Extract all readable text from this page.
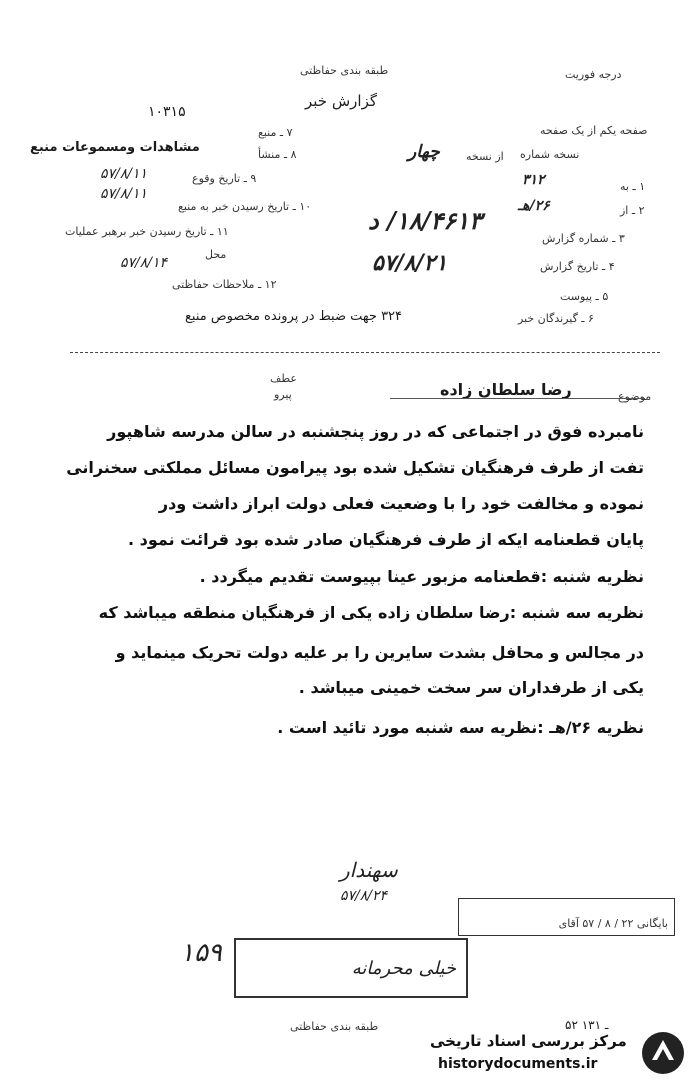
درجه فوریت
طبقه بندی حفاظتی
گزارش خبر
۱۰۳۱۵
۷ ـ منبع
مشاهدات ومسموعات منبع	۸ ـ منشأ
۹ ـ تاریخ وقوع
۵۷/۸/۱۱
۵۷/۸/۱۱
۱۰ ـ تاریخ رسیدن خبر به منبع
۱۱ ـ تاریخ رسیدن خبر برهبر عملیات
محل
۵۷/۸/۱۴
۱۲ ـ ملاحظات حفاظتی
صفحه یکم از یک صفحه
نسخه شماره
چهار از نسخه
۱ ـ به
۳۱۲
۲ ـ از
۲۶/هـ
۳ ـ شماره گزارش
۱۸/۴۶۱۳/ د
۴ ـ تاریخ گزارش
۵۷/۸/۲۱
۵ ـ پیوست
۶ ـ گیرندگان خبر
۳۲۴ جهت ضبط در پرونده مخصوص منبع
عطف
پیرو	موضوع
رضا سلطان زاده
نامبرده فوق در اجتماعی که در روز پنجشنبه در سالن مدرسه شاهپور
تفت از طرف فرهنگیان تشکیل شده بود پیرامون مسائل مملکتی سخنرانی
نموده و مخالفت خود را با وضعیت فعلی دولت ابراز داشت ودر
پایان قطعنامه ایکه از طرف فرهنگیان صادر شده بود قرائت نمود .
نظریه شنبه :قطعنامه مزبور عینا بپیوست تقدیم میگردد .
نظریه سه شنبه :رضا سلطان زاده یکی از فرهنگیان منطقه میباشد که
در مجالس و محافل بشدت سایرین را بر علیه دولت تحریک مینماید و
یکی از طرفداران سر سخت خمینی میباشد .
نظریه ۲۶/هـ :نظریه سه شنبه مورد تائید است .
سهندار
۵۷/۸/۲۴
بایگانی ۲۲ / ۸ / ۵۷ آقای
۱۵۹
خیلی محرمانه
طبقه بندی حفاظتی	۵۲ ـ ۱۳۱
مرکز بررسی اسناد تاریخی
historydocuments.ir
